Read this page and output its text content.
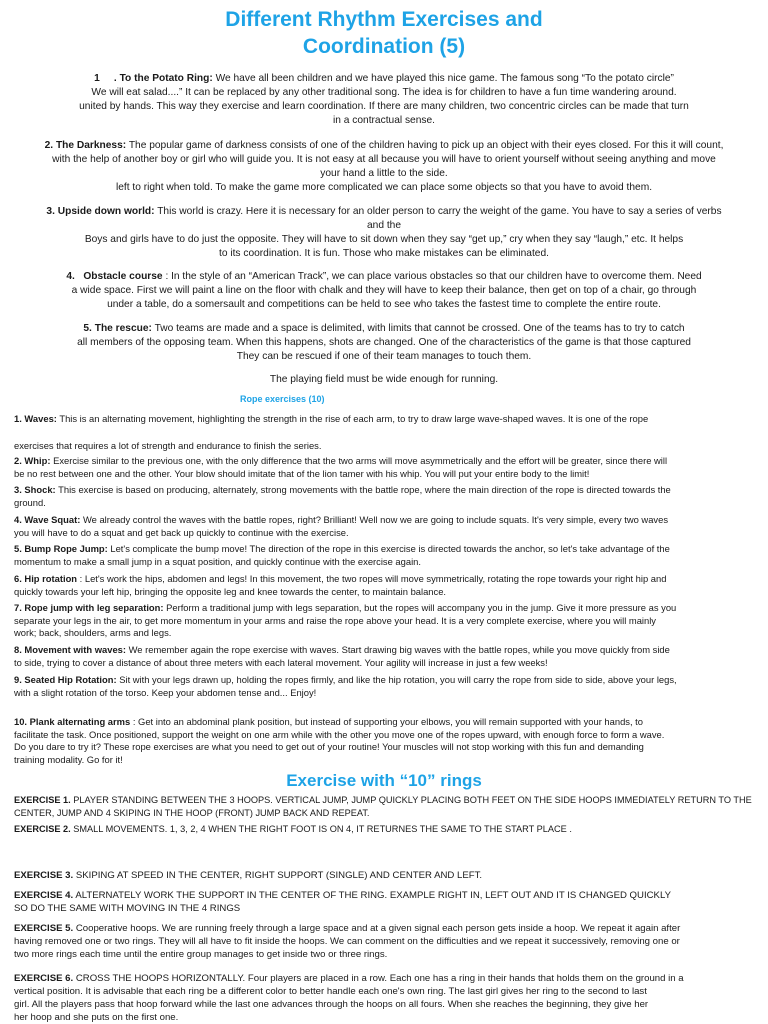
Different Rhythm Exercises and
Coordination (5)
1 . To the Potato Ring: We have all been children and we have played this nice game. The famous song “To the potato circle”
We will eat salad....” It can be replaced by any other traditional song. The idea is for children to have a fun time wandering around.
united by hands. This way they exercise and learn coordination. If there are many children, two concentric circles can be made that turn
in a contractual sense.
2. The Darkness: The popular game of darkness consists of one of the children having to pick up an object with their eyes closed. For this it will count,
with the help of another boy or girl who will guide you. It is not easy at all because you will have to orient yourself without seeing anything and move
your hand a little to the side.
left to right when told. To make the game more complicated we can place some objects so that you have to avoid them.
3. Upside down world: This world is crazy. Here it is necessary for an older person to carry the weight of the game. You have to say a series of verbs
and the
Boys and girls have to do just the opposite. They will have to sit down when they say “get up,” cry when they say “laugh,” etc. It helps
to its coordination. It is fun. Those who make mistakes can be eliminated.
4. Obstacle course : In the style of an “American Track”, we can place various obstacles so that our children have to overcome them. Need
a wide space. First we will paint a line on the floor with chalk and they will have to keep their balance, then get on top of a chair, go through
under a table, do a somersault and competitions can be held to see who takes the fastest time to complete the entire route.
5. The rescue: Two teams are made and a space is delimited, with limits that cannot be crossed. One of the teams has to try to catch
all members of the opposing team. When this happens, shots are changed. One of the characteristics of the game is that those captured
They can be rescued if one of their team manages to touch them.
The playing field must be wide enough for running.
Rope exercises (10)
1. Waves: This is an alternating movement, highlighting the strength in the rise of each arm, to try to draw large wave-shaped waves. It is one of the rope
exercises that requires a lot of strength and endurance to finish the series.
2. Whip: Exercise similar to the previous one, with the only difference that the two arms will move asymmetrically and the effort will be greater, since there will
be no rest between one and the other. Your blow should imitate that of the lion tamer with his whip. You will put your entire body to the limit!
3. Shock: This exercise is based on producing, alternately, strong movements with the battle rope, where the main direction of the rope is directed towards the
ground.
4. Wave Squat: We already control the waves with the battle ropes, right? Brilliant! Well now we are going to include squats. It's very simple, every two waves
you will have to do a squat and get back up quickly to continue with the exercise.
5. Bump Rope Jump: Let's complicate the bump move! The direction of the rope in this exercise is directed towards the anchor, so let's take advantage of the
momentum to make a small jump in a squat position, and quickly continue with the exercise again.
6. Hip rotation : Let's work the hips, abdomen and legs! In this movement, the two ropes will move symmetrically, rotating the rope towards your right hip and
quickly towards your left hip, bringing the opposite leg and knee towards the center, to maintain balance.
7. Rope jump with leg separation: Perform a traditional jump with legs separation, but the ropes will accompany you in the jump. Give it more pressure as you
separate your legs in the air, to get more momentum in your arms and raise the rope above your head. It is a very complete exercise, where you will mainly
work; back, shoulders, arms and legs.
8. Movement with waves: We remember again the rope exercise with waves. Start drawing big waves with the battle ropes, while you move quickly from side
to side, trying to cover a distance of about three meters with each lateral movement. Your agility will increase in just a few weeks!
9. Seated Hip Rotation: Sit with your legs drawn up, holding the ropes firmly, and like the hip rotation, you will carry the rope from side to side, above your legs,
with a slight rotation of the torso. Keep your abdomen tense and... Enjoy!
10. Plank alternating arms : Get into an abdominal plank position, but instead of supporting your elbows, you will remain supported with your hands, to
facilitate the task. Once positioned, support the weight on one arm while with the other you move one of the ropes upward, with enough force to form a wave.
Do you dare to try it? These rope exercises are what you need to get out of your routine! Your muscles will not stop working with this fun and demanding
training modality. Go for it!
Exercise with “10” rings
EXERCISE 1. PLAYER STANDING BETWEEN THE 3 HOOPS. VERTICAL JUMP, JUMP QUICKLY PLACING BOTH FEET ON THE SIDE HOOPS IMMEDIATELY RETURN TO THE
CENTER, JUMP AND 4 SKIPING IN THE HOOP (FRONT) JUMP BACK AND REPEAT.
EXERCISE 2. SMALL MOVEMENTS. 1, 3, 2, 4 WHEN THE RIGHT FOOT IS ON 4, IT RETURNES THE SAME TO THE START PLACE .
EXERCISE 3. SKIPING AT SPEED IN THE CENTER, RIGHT SUPPORT (SINGLE) AND CENTER AND LEFT.
EXERCISE 4. ALTERNATELY WORK THE SUPPORT IN THE CENTER OF THE RING. EXAMPLE RIGHT IN, LEFT OUT AND IT IS CHANGED QUICKLY
SO DO THE SAME WITH MOVING IN THE 4 RINGS
EXERCISE 5. Cooperative hoops. We are running freely through a large space and at a given signal each person gets inside a hoop. We repeat it again after
having removed one or two rings. They will all have to fit inside the hoops. We can comment on the difficulties and we repeat it successively, removing one or
two more rings each time until the entire group manages to get inside two or three rings.
EXERCISE 6. CROSS THE HOOPS HORIZONTALLY. Four players are placed in a row. Each one has a ring in their hands that holds them on the ground in a
vertical position. It is advisable that each ring be a different color to better handle each one's own ring. The last girl gives her ring to the second to last
girl. All the players pass that hoop forward while the last one advances through the hoops on all fours. When she reaches the beginning, they give her
her hoop and she puts on the first one.
